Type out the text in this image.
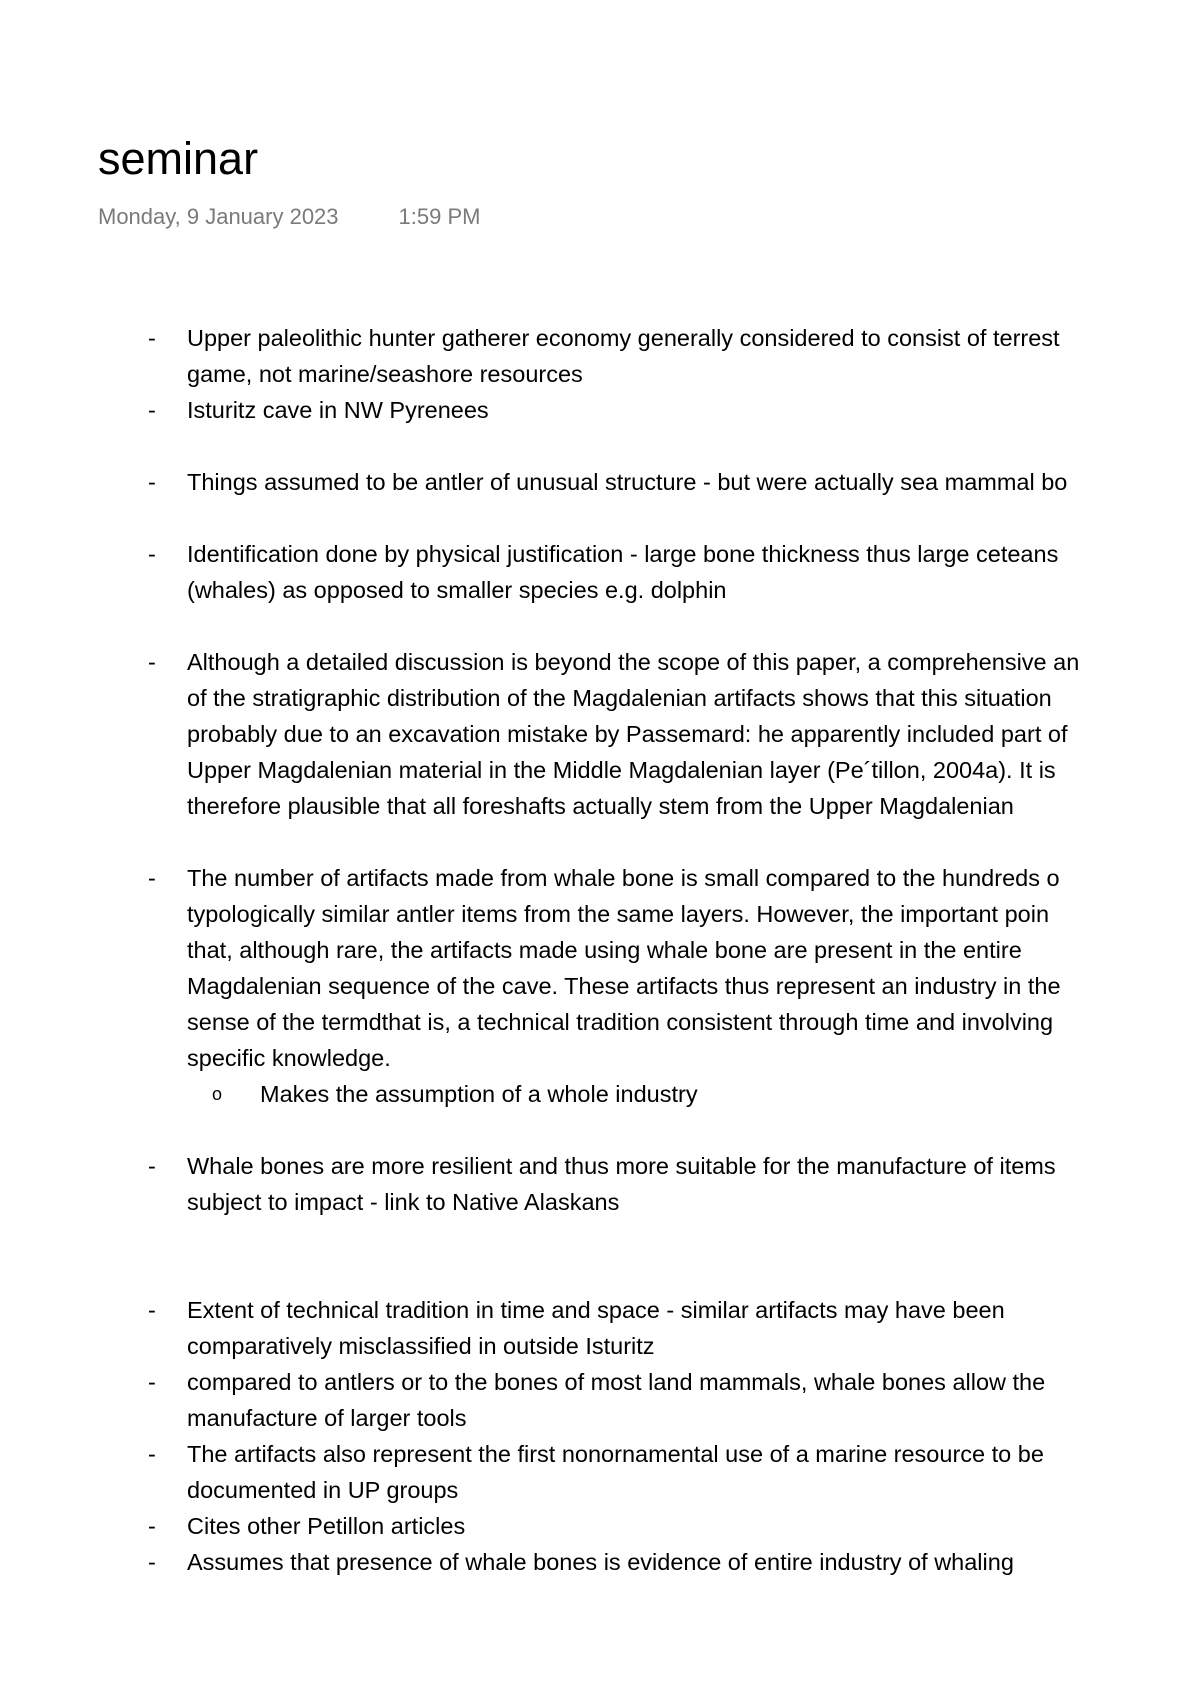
seminar
Monday, 9 January 2023	1:59 PM
- Upper paleolithic hunter gatherer economy generally considered to consist of terrest
game, not marine/seashore resources
- Isturitz cave in NW Pyrenees
- Things assumed to be antler of unusual structure - but were actually sea mammal bo
- Identification done by physical justification - large bone thickness thus large ceteans
(whales) as opposed to smaller species e.g. dolphin
- Although a detailed discussion is beyond the scope of this paper, a comprehensive an
of the stratigraphic distribution of the Magdalenian artifacts shows that this situation
probably due to an excavation mistake by Passemard: he apparently included part of
Upper Magdalenian material in the Middle Magdalenian layer (Pe´tillon, 2004a). It is
therefore plausible that all foreshafts actually stem from the Upper Magdalenian
- The number of artifacts made from whale bone is small compared to the hundreds o
typologically similar antler items from the same layers. However, the important poin
that, although rare, the artifacts made using whale bone are present in the entire
Magdalenian sequence of the cave. These artifacts thus represent an industry in the
sense of the termdthat is, a technical tradition consistent through time and involving
specific knowledge.
o Makes the assumption of a whole industry
- Whale bones are more resilient and thus more suitable for the manufacture of items
subject to impact - link to Native Alaskans
- Extent of technical tradition in time and space - similar artifacts may have been
comparatively misclassified in outside Isturitz
- compared to antlers or to the bones of most land mammals, whale bones allow the
manufacture of larger tools
- The artifacts also represent the first nonornamental use of a marine resource to be
documented in UP groups
- Cites other Petillon articles
- Assumes that presence of whale bones is evidence of entire industry of whaling
